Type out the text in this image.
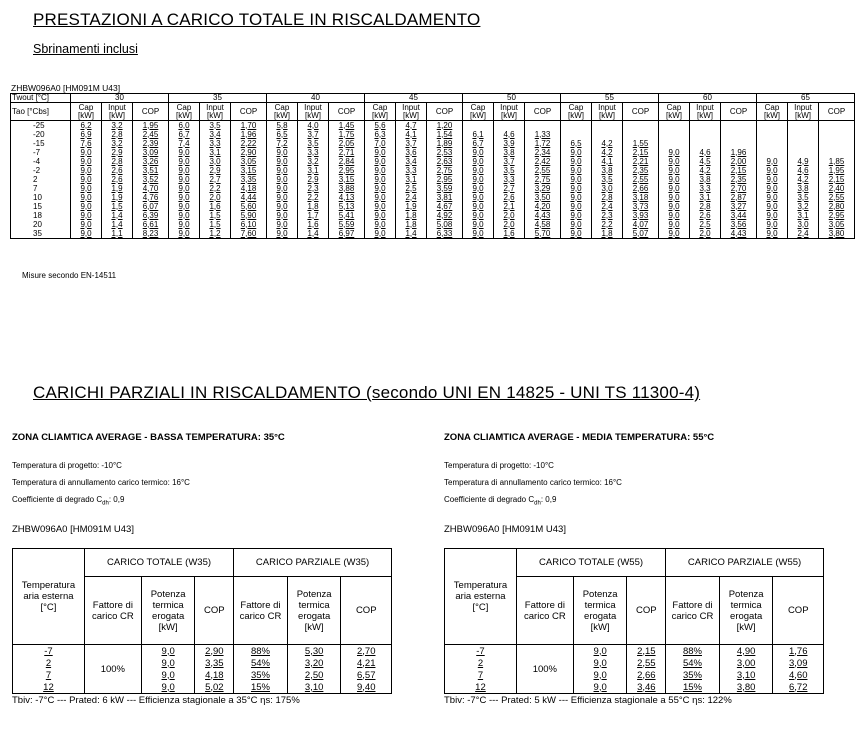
PRESTAZIONI A CARICO TOTALE IN RISCALDAMENTO
Sbrinamenti inclusi
ZHBW096A0 [HM091M U43]
Twout [°C]	30			35			40			45			50			55			60			65		
Tao [°Cbs]	Cap [kW]	Input [kW]	COP	Cap [kW]	Input [kW]	COP	Cap [kW]	Input [kW]	COP	Cap [kW]	Input [kW]	COP	Cap [kW]	Input [kW]	COP	Cap [kW]	Input [kW]	COP	Cap [kW]	Input [kW]	COP	Cap [kW]	Input [kW]	COP
-25	6,2	3,2	1,95	6,0	3,5	1,70	5,8	4,0	1,45	5,6	4,7	1,20												
-20	6,9	2,8	2,45	6,7	3,4	1,96	6,5	3,7	1,75	6,3	4,1	1,54	6,1	4,6	1,33									
-15	7,6	3,2	2,39	7,4	3,3	2,22	7,2	3,5	2,05	7,0	3,7	1,89	6,7	3,9	1,72	6,5	4,2	1,55						
-7	9,0	2,9	3,09	9,0	3,1	2,90	9,0	3,3	2,71	9,0	3,6	2,53	9,0	3,8	2,34	9,0	4,2	2,15	9,0	4,6	1,96			
-4	9,0	2,8	3,26	9,0	3,0	3,05	9,0	3,2	2,84	9,0	3,4	2,63	9,0	3,7	2,42	9,0	4,1	2,21	9,0	4,5	2,00	9,0	4,9	1,85
-2	9,0	2,6	3,51	9,0	2,9	3,15	9,0	3,1	2,95	9,0	3,3	2,75	9,0	3,5	2,55	9,0	3,8	2,35	9,0	4,2	2,15	9,0	4,6	1,95
2	9,0	2,6	3,52	9,0	2,7	3,35	9,0	2,9	3,15	9,0	3,1	2,95	9,0	3,3	2,75	9,0	3,5	2,55	9,0	3,8	2,35	9,0	4,2	2,15
7	9,0	1,9	4,70	9,0	2,2	4,18	9,0	2,3	3,88	9,0	2,5	3,59	9,0	2,7	3,29	9,0	3,0	2,66	9,0	3,3	2,70	9,0	3,8	2,40
10	9,0	1,9	4,76	9,0	2,0	4,44	9,0	2,2	4,13	9,0	2,4	3,81	9,0	2,6	3,50	9,0	2,8	3,18	9,0	3,1	2,87	9,0	3,5	2,55
15	9,0	1,5	6,07	9,0	1,6	5,60	9,0	1,8	5,13	9,0	1,9	4,67	9,0	2,1	4,20	9,0	2,4	3,73	9,0	2,8	3,27	9,0	3,2	2,80
18	9,0	1,4	6,39	9,0	1,5	5,90	9,0	1,7	5,41	9,0	1,8	4,92	9,0	2,0	4,43	9,0	2,3	3,93	9,0	2,6	3,44	9,0	3,1	2,95
20	9,0	1,4	6,61	9,0	1,5	6,10	9,0	1,6	5,59	9,0	1,8	5,08	9,0	2,0	4,58	9,0	2,2	4,07	9,0	2,5	3,56	9,0	3,0	3,05
35	9,0	1,1	8,23	9,0	1,2	7,60	9,0	1,4	6,97	9,0	1,4	6,33	9,0	1,6	5,70	9,0	1,8	5,07	9,0	2,0	4,43	9,0	2,4	3,80
Misure secondo EN-14511
CARICHI PARZIALI IN RISCALDAMENTO (secondo UNI EN 14825 - UNI TS 11300-4)
ZONA CLIAMTICA AVERAGE - BASSA TEMPERATURA: 35°C
Temperatura di progetto: -10°C
Temperatura di annullamento carico termico: 16°C
Coefficiente di degrado $C_{dh}$: 0,9
ZHBW096A0 [HM091M U43]
Temperatura aria esterna [°C]	CARICO TOTALE (W35)			CARICO PARZIALE (W35)		
	Fattore di carico CR	Potenza termica erogata [kW]	COP	Fattore di carico CR	Potenza termica erogata [kW]	COP
-7	100%	9,0	2,90	88%	5,30	2,70
2		9,0	3,35	54%	3,20	4,21
7		9,0	4,18	35%	2,50	6,57
12		9,0	5,02	15%	3,10	9,40
Tbiv: -7°C --- Prated: 6 kW --- Efficienza stagionale a 35°C ηs: 175%
ZONA CLIAMTICA AVERAGE - MEDIA TEMPERATURA: 55°C
Temperatura di progetto: -10°C
Temperatura di annullamento carico termico: 16°C
Coefficiente di degrado $C_{dh}$: 0,9
ZHBW096A0 [HM091M U43]
Temperatura aria esterna [°C]	CARICO TOTALE (W55)			CARICO PARZIALE (W55)		
	Fattore di carico CR	Potenza termica erogata [kW]	COP	Fattore di carico CR	Potenza termica erogata [kW]	COP
-7	100%	9,0	2,15	88%	4,90	1,76
2		9,0	2,55	54%	3,00	3,09
7		9,0	2,66	35%	3,10	4,60
12		9,0	3,46	15%	3,80	6,72
Tbiv: -7°C --- Prated: 5 kW --- Efficienza stagionale a 55°C ηs: 122%
